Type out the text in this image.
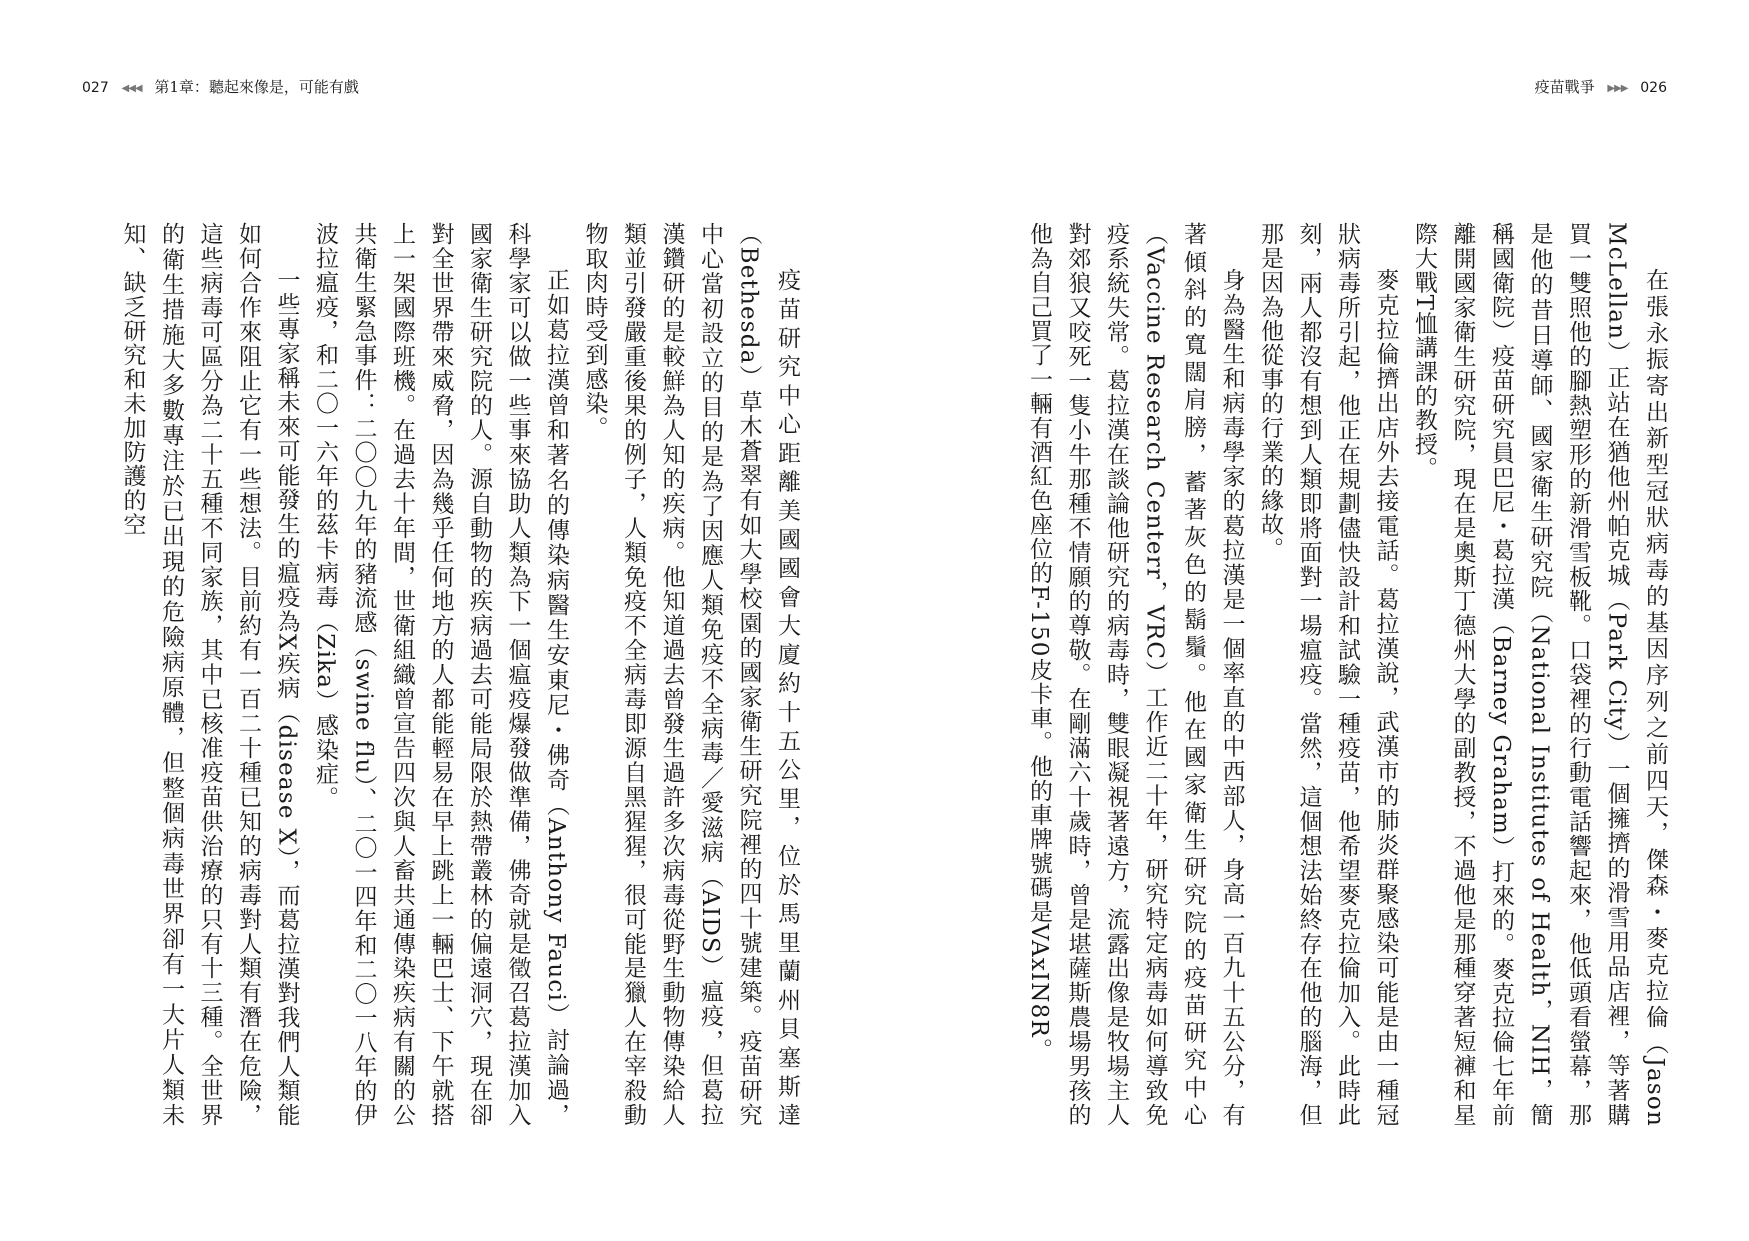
027 ◀◀◀ 第1章：聽起來像是，可能有戲	疫苗戰爭 ▶▶▶ 026

在張永振寄出新型冠狀病毒的基因序列之前四天，傑森・麥克拉倫（Jason McLellan）正站在猶他州帕克城（Park City）一個擁擠的滑雪用品店裡，等著購買一雙照他的腳熱塑形的新滑雪板靴。口袋裡的行動電話響起來，他低頭看螢幕，那是他的昔日導師、國家衛生研究院（National Institutes of Health，NIH，簡稱國衛院）疫苗研究員巴尼・葛拉漢（Barney Graham）打來的。麥克拉倫七年前離開國家衛生研究院，現在是奧斯丁德州大學的副教授，不過他是那種穿著短褲和星際大戰T恤講課的教授。

麥克拉倫擠出店外去接電話。葛拉漢說，武漢市的肺炎群聚感染可能是由一種冠狀病毒所引起，他正在規劃儘快設計和試驗一種疫苗，他希望麥克拉倫加入。此時此刻，兩人都沒有想到人類即將面對一場瘟疫。當然，這個想法始終存在他的腦海，但那是因為他從事的行業的緣故。

身為醫生和病毒學家的葛拉漢是一個率直的中西部人，身高一百九十五公分，有著傾斜的寬闊肩膀，蓄著灰色的鬍鬚。他在國家衛生研究院的疫苗研究中心（Vaccine Research Centerr，VRC）工作近二十年，研究特定病毒如何導致免疫系統失常。葛拉漢在談論他研究的病毒時，雙眼凝視著遠方，流露出像是牧場主人對郊狼又咬死一隻小牛那種不情願的尊敬。在剛滿六十歲時，曾是堪薩斯農場男孩的他為自己買了一輛有酒紅色座位的F-150皮卡車。他的車牌號碼是VAxIN8R。

疫苗研究中心距離美國國會大廈約十五公里，位於馬里蘭州貝塞斯達（Bethesda）草木蒼翠有如大學校園的國家衛生研究院裡的四十號建築。疫苗研究中心當初設立的目的是為了因應人類免疫不全病毒／愛滋病（AIDS）瘟疫，但葛拉漢鑽研的是較鮮為人知的疾病。他知道過去曾發生過許多次病毒從野生動物傳染給人類並引發嚴重後果的例子，人類免疫不全病毒即源自黑猩猩，很可能是獵人在宰殺動物取肉時受到感染。

正如葛拉漢曾和著名的傳染病醫生安東尼・佛奇（Anthony Fauci）討論過，科學家可以做一些事來協助人類為下一個瘟疫爆發做準備，佛奇就是徵召葛拉漢加入國家衛生研究院的人。源自動物的疾病過去可能局限於熱帶叢林的偏遠洞穴，現在卻對全世界帶來威脅，因為幾乎任何地方的人都能輕易在早上跳上一輛巴士、下午就搭上一架國際班機。在過去十年間，世衛組織曾宣告四次與人畜共通傳染疾病有關的公共衛生緊急事件：二〇〇九年的豬流感（swine flu）、二〇一四年和二〇一八年的伊波拉瘟疫，和二〇一六年的茲卡病毒（Zika）感染症。

一些專家稱未來可能發生的瘟疫為X疾病（disease X），而葛拉漢對我們人類能如何合作來阻止它有一些想法。目前約有一百二十種已知的病毒對人類有潛在危險，這些病毒可區分為二十五種不同家族，其中已核准疫苗供治療的只有十三種。全世界的衛生措施大多數專注於已出現的危險病原體，但整個病毒世界卻有一大片人類未知、缺乏研究和未加防護的空
